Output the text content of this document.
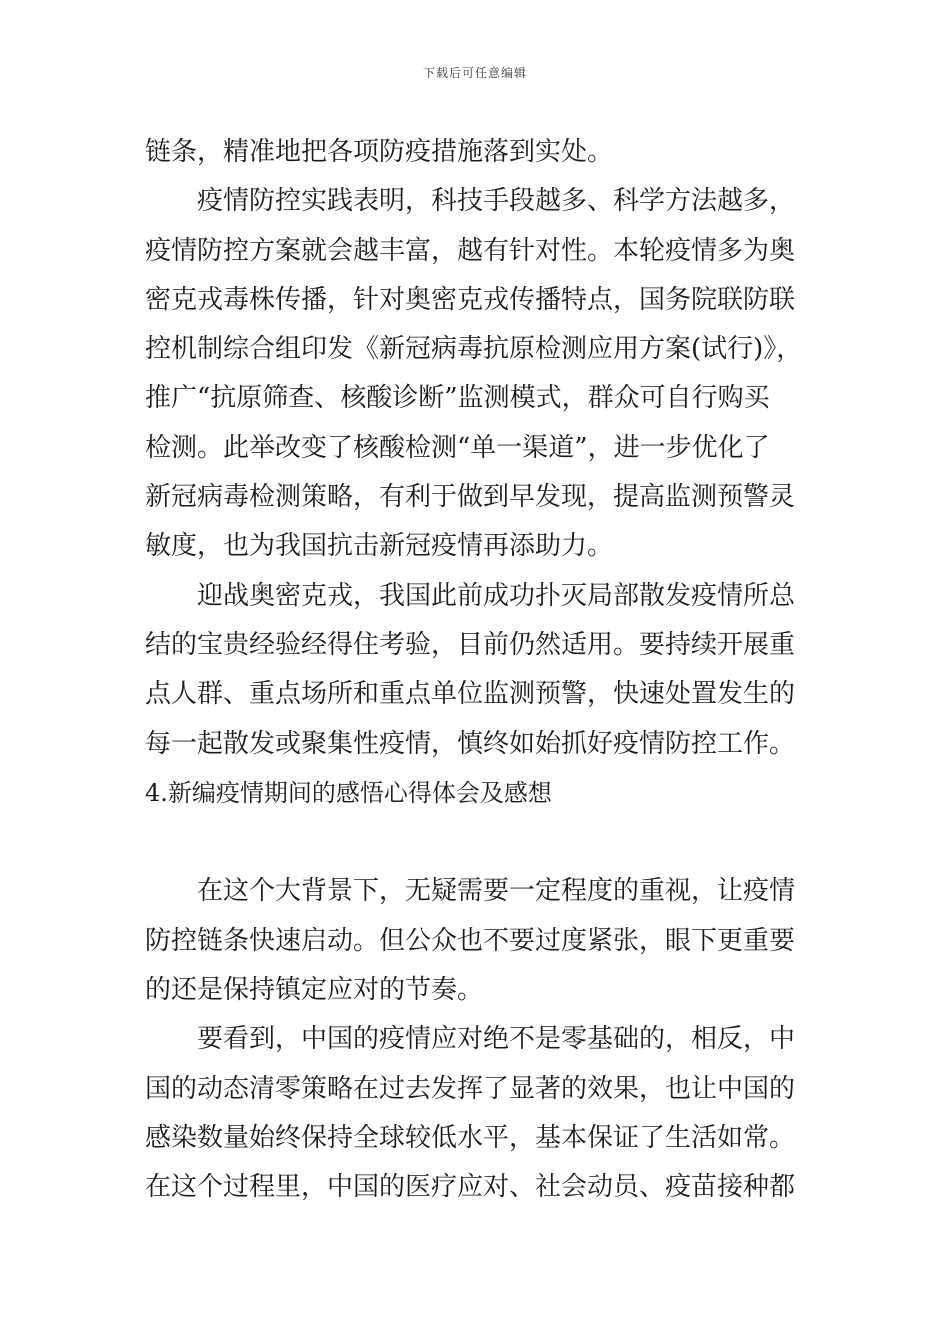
下载后可任意编辑
链条，精准地把各项防疫措施落到实处。
疫情防控实践表明，科技手段越多、科学方法越多，
疫情防控方案就会越丰富，越有针对性。本轮疫情多为奥
密克戎毒株传播，针对奥密克戎传播特点，国务院联防联
控机制综合组印发《新冠病毒抗原检测应用方案(试行)》，
推广“抗原筛查、核酸诊断”监测模式，群众可自行购买
检测。此举改变了核酸检测“单一渠道”，进一步优化了
新冠病毒检测策略，有利于做到早发现，提高监测预警灵
敏度，也为我国抗击新冠疫情再添助力。
迎战奥密克戎，我国此前成功扑灭局部散发疫情所总
结的宝贵经验经得住考验，目前仍然适用。要持续开展重
点人群、重点场所和重点单位监测预警，快速处置发生的
每一起散发或聚集性疫情，慎终如始抓好疫情防控工作。
4.新编疫情期间的感悟心得体会及感想
在这个大背景下，无疑需要一定程度的重视，让疫情
防控链条快速启动。但公众也不要过度紧张，眼下更重要
的还是保持镇定应对的节奏。
要看到，中国的疫情应对绝不是零基础的，相反，中
国的动态清零策略在过去发挥了显著的效果，也让中国的
感染数量始终保持全球较低水平，基本保证了生活如常。
在这个过程里，中国的医疗应对、社会动员、疫苗接种都
